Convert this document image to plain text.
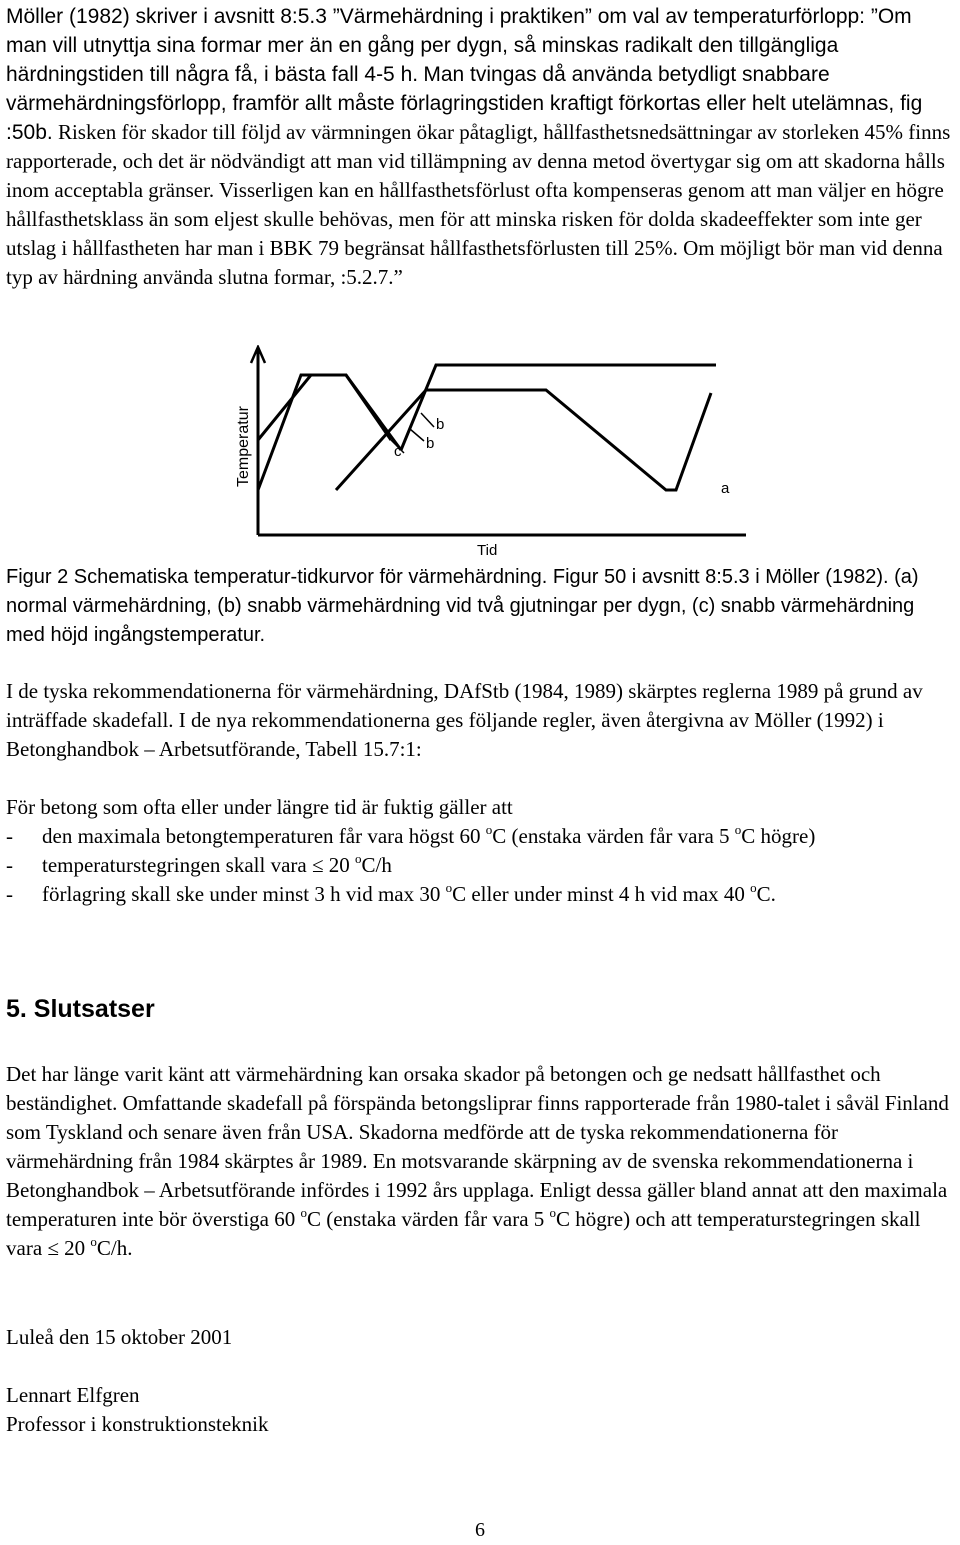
Möller (1982) skriver i avsnitt 8:5.3 ”Värmehärdning i praktiken” om val av temperaturförlopp: ”Om man vill utnyttja sina formar mer än en gång per dygn, så minskas radikalt den tillgängliga härdningstiden till några få, i bästa fall 4-5 h. Man tvingas då använda betydligt snabbare värmehärdningsförlopp, framför allt måste förlagringstiden kraftigt förkortas eller helt utelämnas, fig :50b. Risken för skador till följd av värmningen ökar påtagligt, hållfasthetsnedsättningar av storleken 45% finns rapporterade, och det är nödvändigt att man vid tillämpning av denna metod övertygar sig om att skadorna hålls inom acceptabla gränser. Visserligen kan en hållfasthetsförlust ofta kompenseras genom att man väljer en högre hållfasthetsklass än som eljest skulle behövas, men för att minska risken för dolda skadeeffekter som inte ger utslag i hållfastheten har man i BBK 79 begränsat hållfasthetsförlusten till 25%. Om möjligt bör man vid denna typ av härdning använda slutna formar, :5.2.7.”

Temperatur
Tid
c
b
b
a

Figur 2 Schematiska temperatur-tidkurvor för värmehärdning. Figur 50 i avsnitt 8:5.3 i Möller (1982). (a) normal värmehärdning, (b) snabb värmehärdning vid två gjutningar per dygn, (c) snabb värmehärdning med höjd ingångstemperatur.

I de tyska rekommendationerna för värmehärdning, DAfStb (1984, 1989) skärptes reglerna 1989 på grund av inträffade skadefall. I de nya rekommendationerna ges följande regler, även återgivna av Möller (1992) i Betonghandbok – Arbetsutförande, Tabell 15.7:1:

För betong som ofta eller under längre tid är fuktig gäller att

-	den maximala betongtemperaturen får vara högst 60 $^o$C (enstaka värden får vara 5 $^o$C högre)
-	temperaturstegringen skall vara ≤ 20 $^o$C/h
-	förlagring skall ske under minst 3 h vid max 30 $^o$C eller under minst 4 h vid max 40 $^o$C.
5. Slutsatser

Det har länge varit känt att värmehärdning kan orsaka skador på betongen och ge nedsatt hållfasthet och beständighet. Omfattande skadefall på förspända betongsliprar finns rapporterade från 1980-talet i såväl Finland som Tyskland och senare även från USA. Skadorna medförde att de tyska rekommendationerna för värmehärdning från 1984 skärptes år 1989. En motsvarande skärpning av de svenska rekommendationerna i Betonghandbok – Arbetsutförande infördes i 1992 års upplaga. Enligt dessa gäller bland annat att den maximala temperaturen inte bör överstiga 60 $^o$C (enstaka värden får vara 5 $^o$C högre) och att temperaturstegringen skall vara ≤ 20 $^o$C/h.

Luleå den 15 oktober 2001

Lennart Elfgren

Professor i konstruktionsteknik

6
